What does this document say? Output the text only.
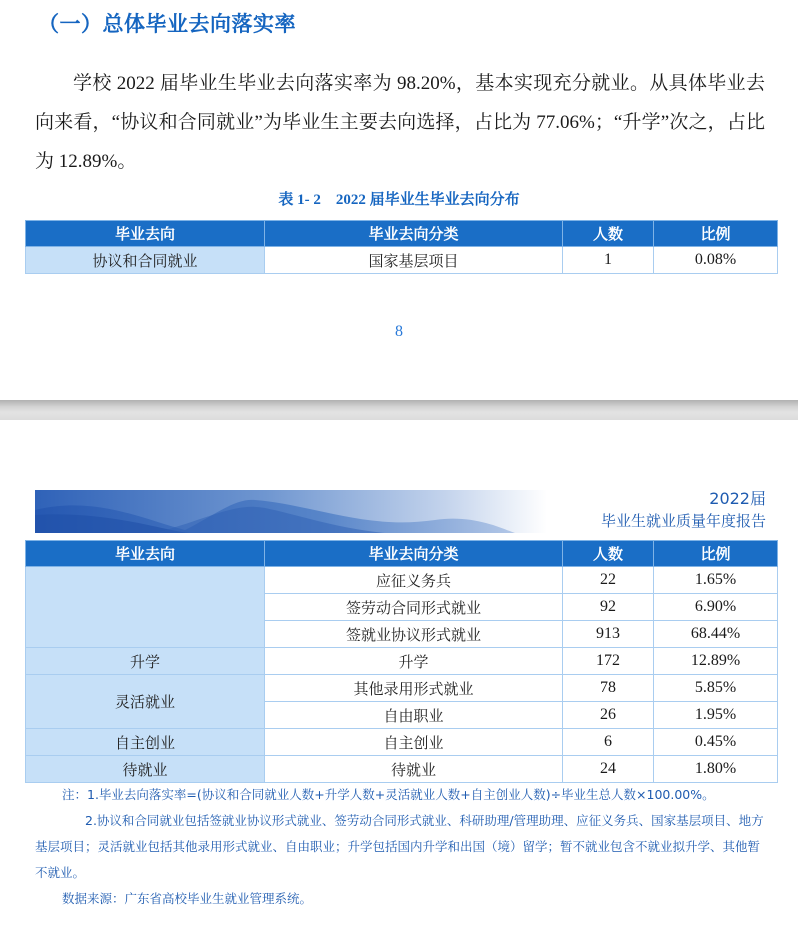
（一）总体毕业去向落实率
学校 2022 届毕业生毕业去向落实率为 98.20%，基本实现充分就业。从具体毕业去向来看，“协议和合同就业”为毕业生主要去向选择，占比为 77.06%；“升学”次之，占比为 12.89%。
表 1- 2　2022 届毕业生毕业去向分布
毕业去向	毕业去向分类	人数	比例
协议和合同就业	国家基层项目	1	0.08%
8
2022届
毕业生就业质量年度报告
毕业去向	毕业去向分类	人数	比例
	应征义务兵	22	1.65%
	签劳动合同形式就业	92	6.90%
	签就业协议形式就业	913	68.44%
升学	升学	172	12.89%
灵活就业	其他录用形式就业	78	5.85%
	自由职业	26	1.95%
自主创业	自主创业	6	0.45%
待就业	待就业	24	1.80%

注：1.毕业去向落实率=(协议和合同就业人数+升学人数+灵活就业人数+自主创业人数)÷毕业生总人数×100.00%。

2.协议和合同就业包括签就业协议形式就业、签劳动合同形式就业、科研助理/管理助理、应征义务兵、国家基层项目、地方基层项目；灵活就业包括其他录用形式就业、自由职业；升学包括国内升学和出国（境）留学；暂不就业包含不就业拟升学、其他暂不就业。

数据来源：广东省高校毕业生就业管理系统。
